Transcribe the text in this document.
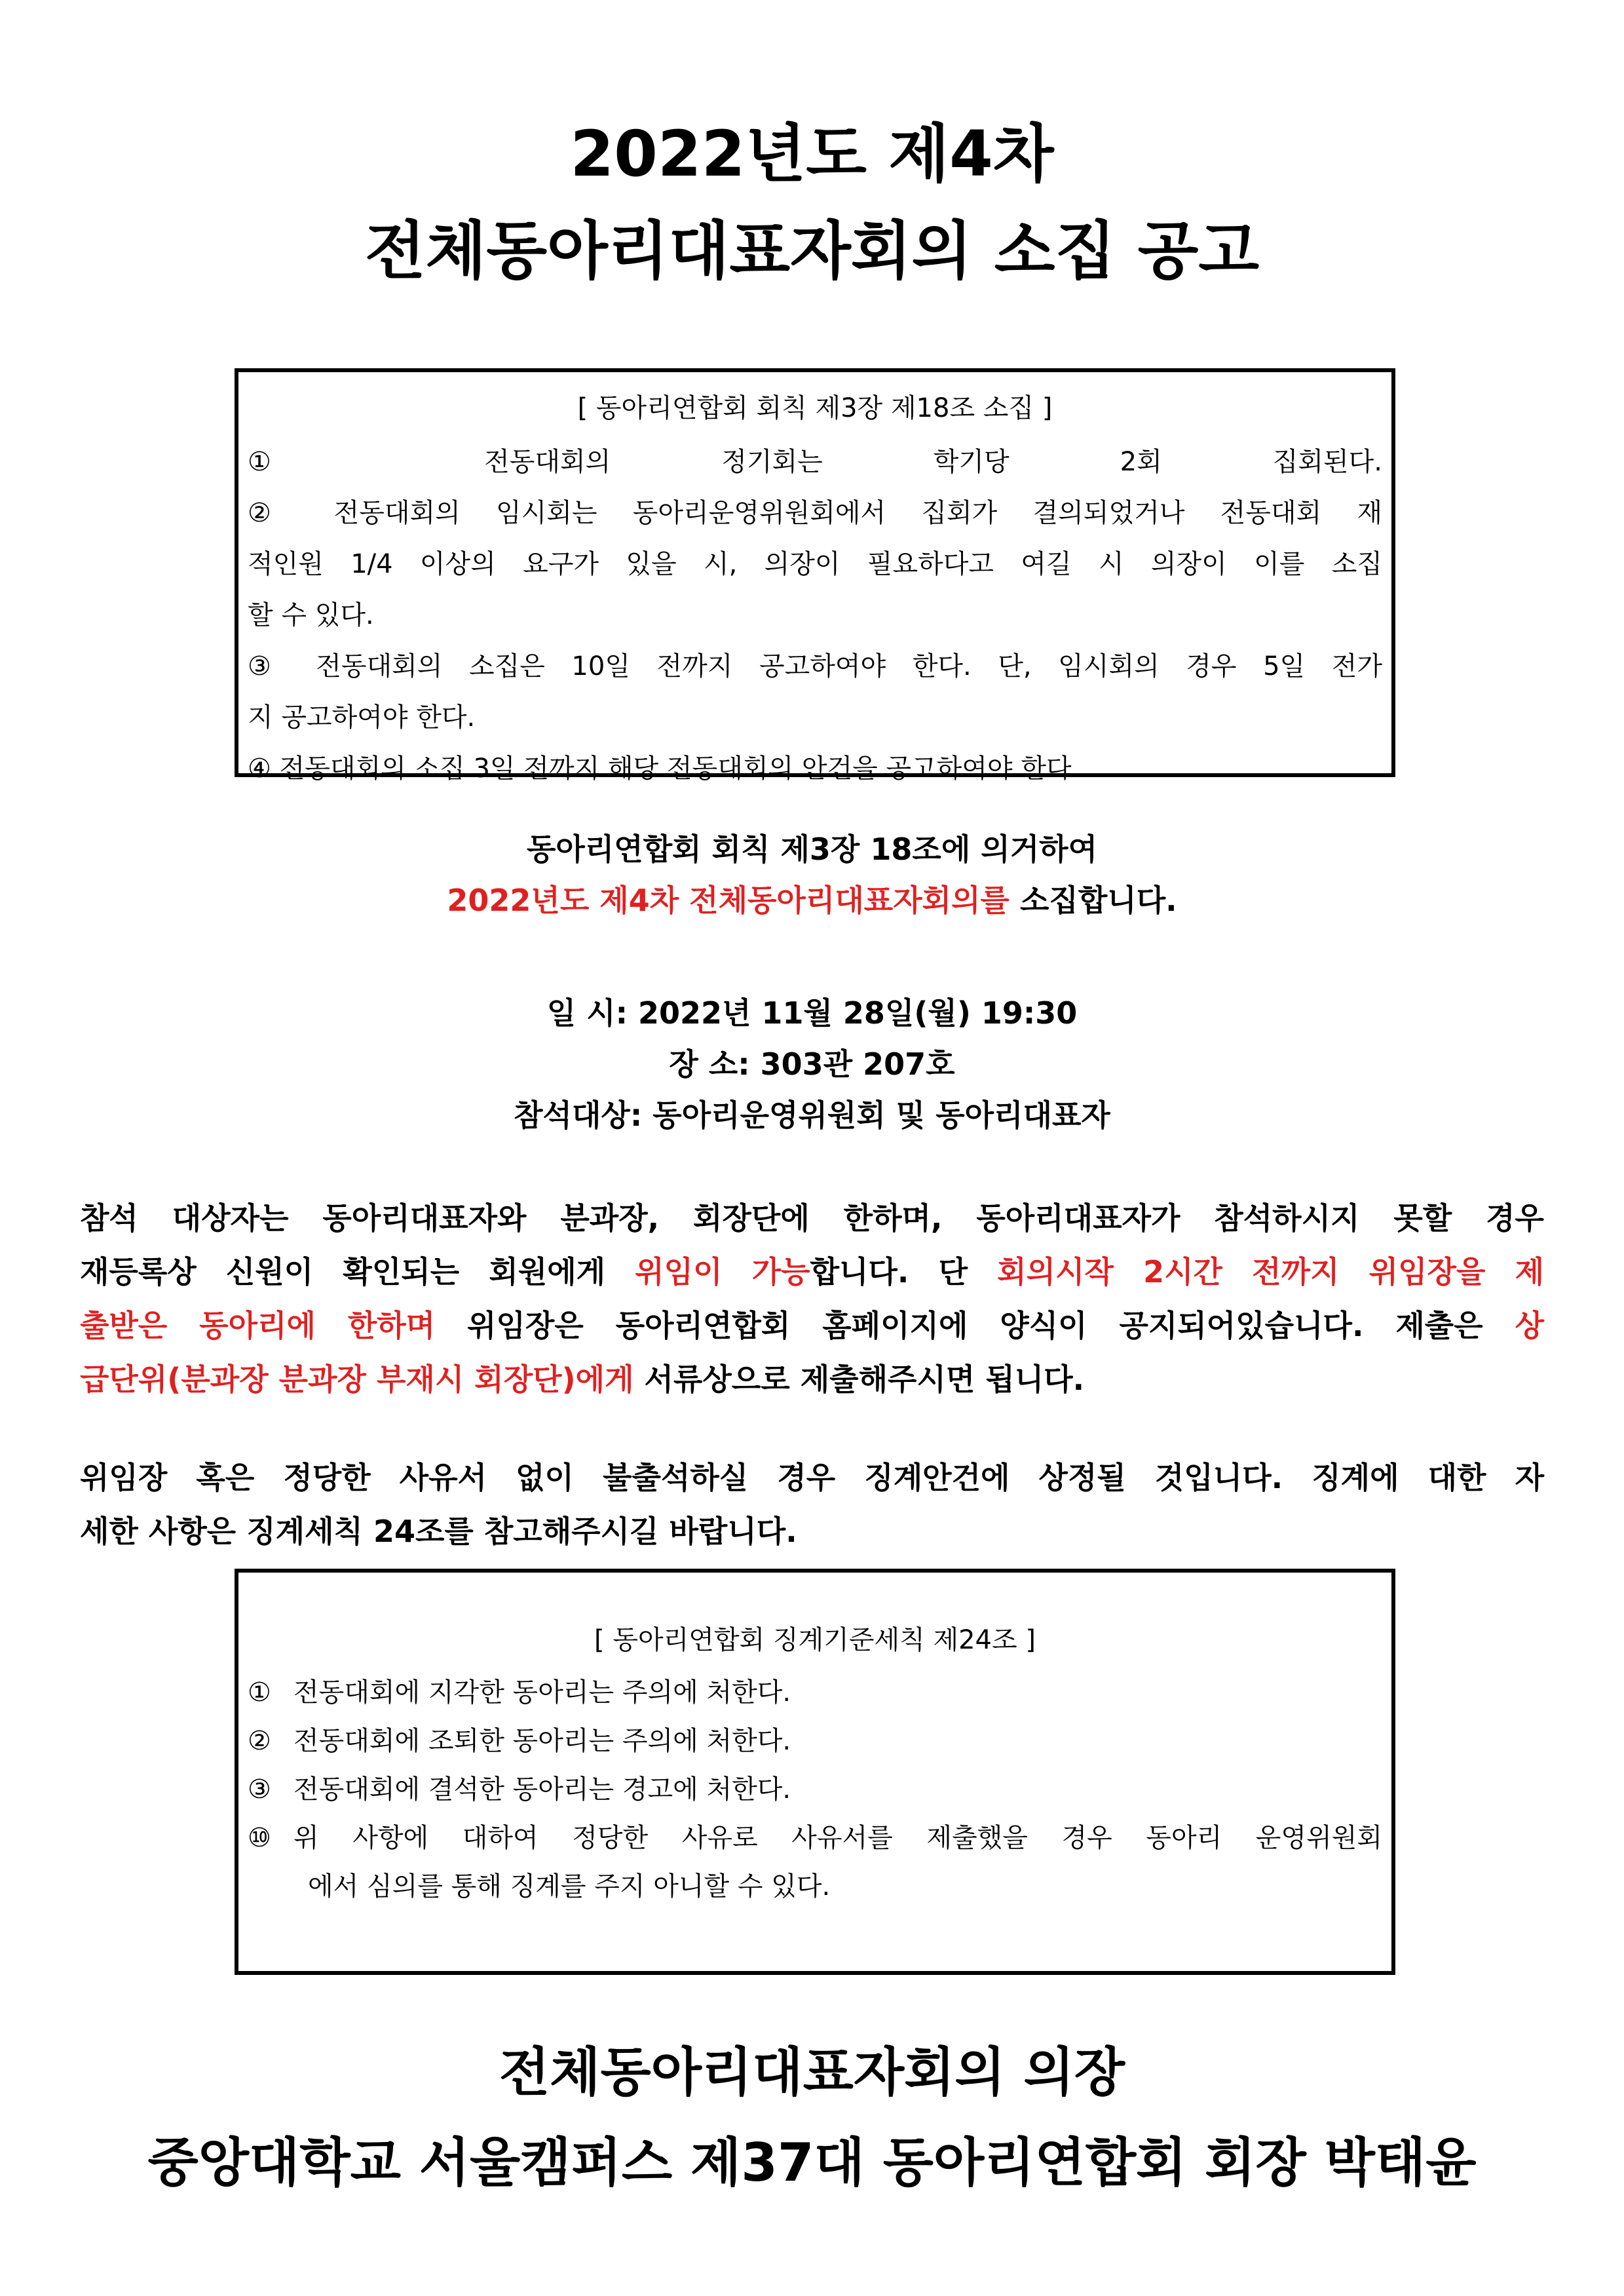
2022년도 제4차
전체동아리대표자회의 소집 공고
[ 동아리연합회 회칙 제3장 제18조 소집 ]
① 전동대회의 정기회는 학기당 2회 집회된다.
② 전동대회의 임시회는 동아리운영위원회에서 집회가 결의되었거나 전동대회 재
적인원 1/4 이상의 요구가 있을 시, 의장이 필요하다고 여길 시 의장이 이를 소집
할 수 있다.
③ 전동대회의 소집은 10일 전까지 공고하여야 한다. 단, 임시회의 경우 5일 전가
지 공고하여야 한다.
④ 전동대회의 소집 3일 전까지 해당 전동대회의 안건을 공고하여야 한다.
동아리연합회 회칙 제3장 18조에 의거하여
2022년도 제4차 전체동아리대표자회의를 소집합니다.
일 시: 2022년 11월 28일(월) 19:30
장 소: 303관 207호
참석대상: 동아리운영위원회 및 동아리대표자
참석 대상자는 동아리대표자와 분과장, 회장단에 한하며, 동아리대표자가 참석하시지 못할 경우
재등록상 신원이 확인되는 회원에게 위임이 가능합니다. 단 회의시작 2시간 전까지 위임장을 제
출받은 동아리에 한하며 위임장은 동아리연합회 홈페이지에 양식이 공지되어있습니다. 제출은 상
급단위(분과장 분과장 부재시 회장단)에게 서류상으로 제출해주시면 됩니다.
위임장 혹은 정당한 사유서 없이 불출석하실 경우 징계안건에 상정될 것입니다. 징계에 대한 자
세한 사항은 징계세칙 24조를 참고해주시길 바랍니다.
[ 동아리연합회 징계기준세칙 제24조 ]
① 전동대회에 지각한 동아리는 주의에 처한다.
② 전동대회에 조퇴한 동아리는 주의에 처한다.
③ 전동대회에 결석한 동아리는 경고에 처한다.
⑩ 위 사항에 대하여 정당한 사유로 사유서를 제출했을 경우 동아리 운영위원회
에서 심의를 통해 징계를 주지 아니할 수 있다.
전체동아리대표자회의 의장
중앙대학교 서울캠퍼스 제37대 동아리연합회 회장 박태윤
